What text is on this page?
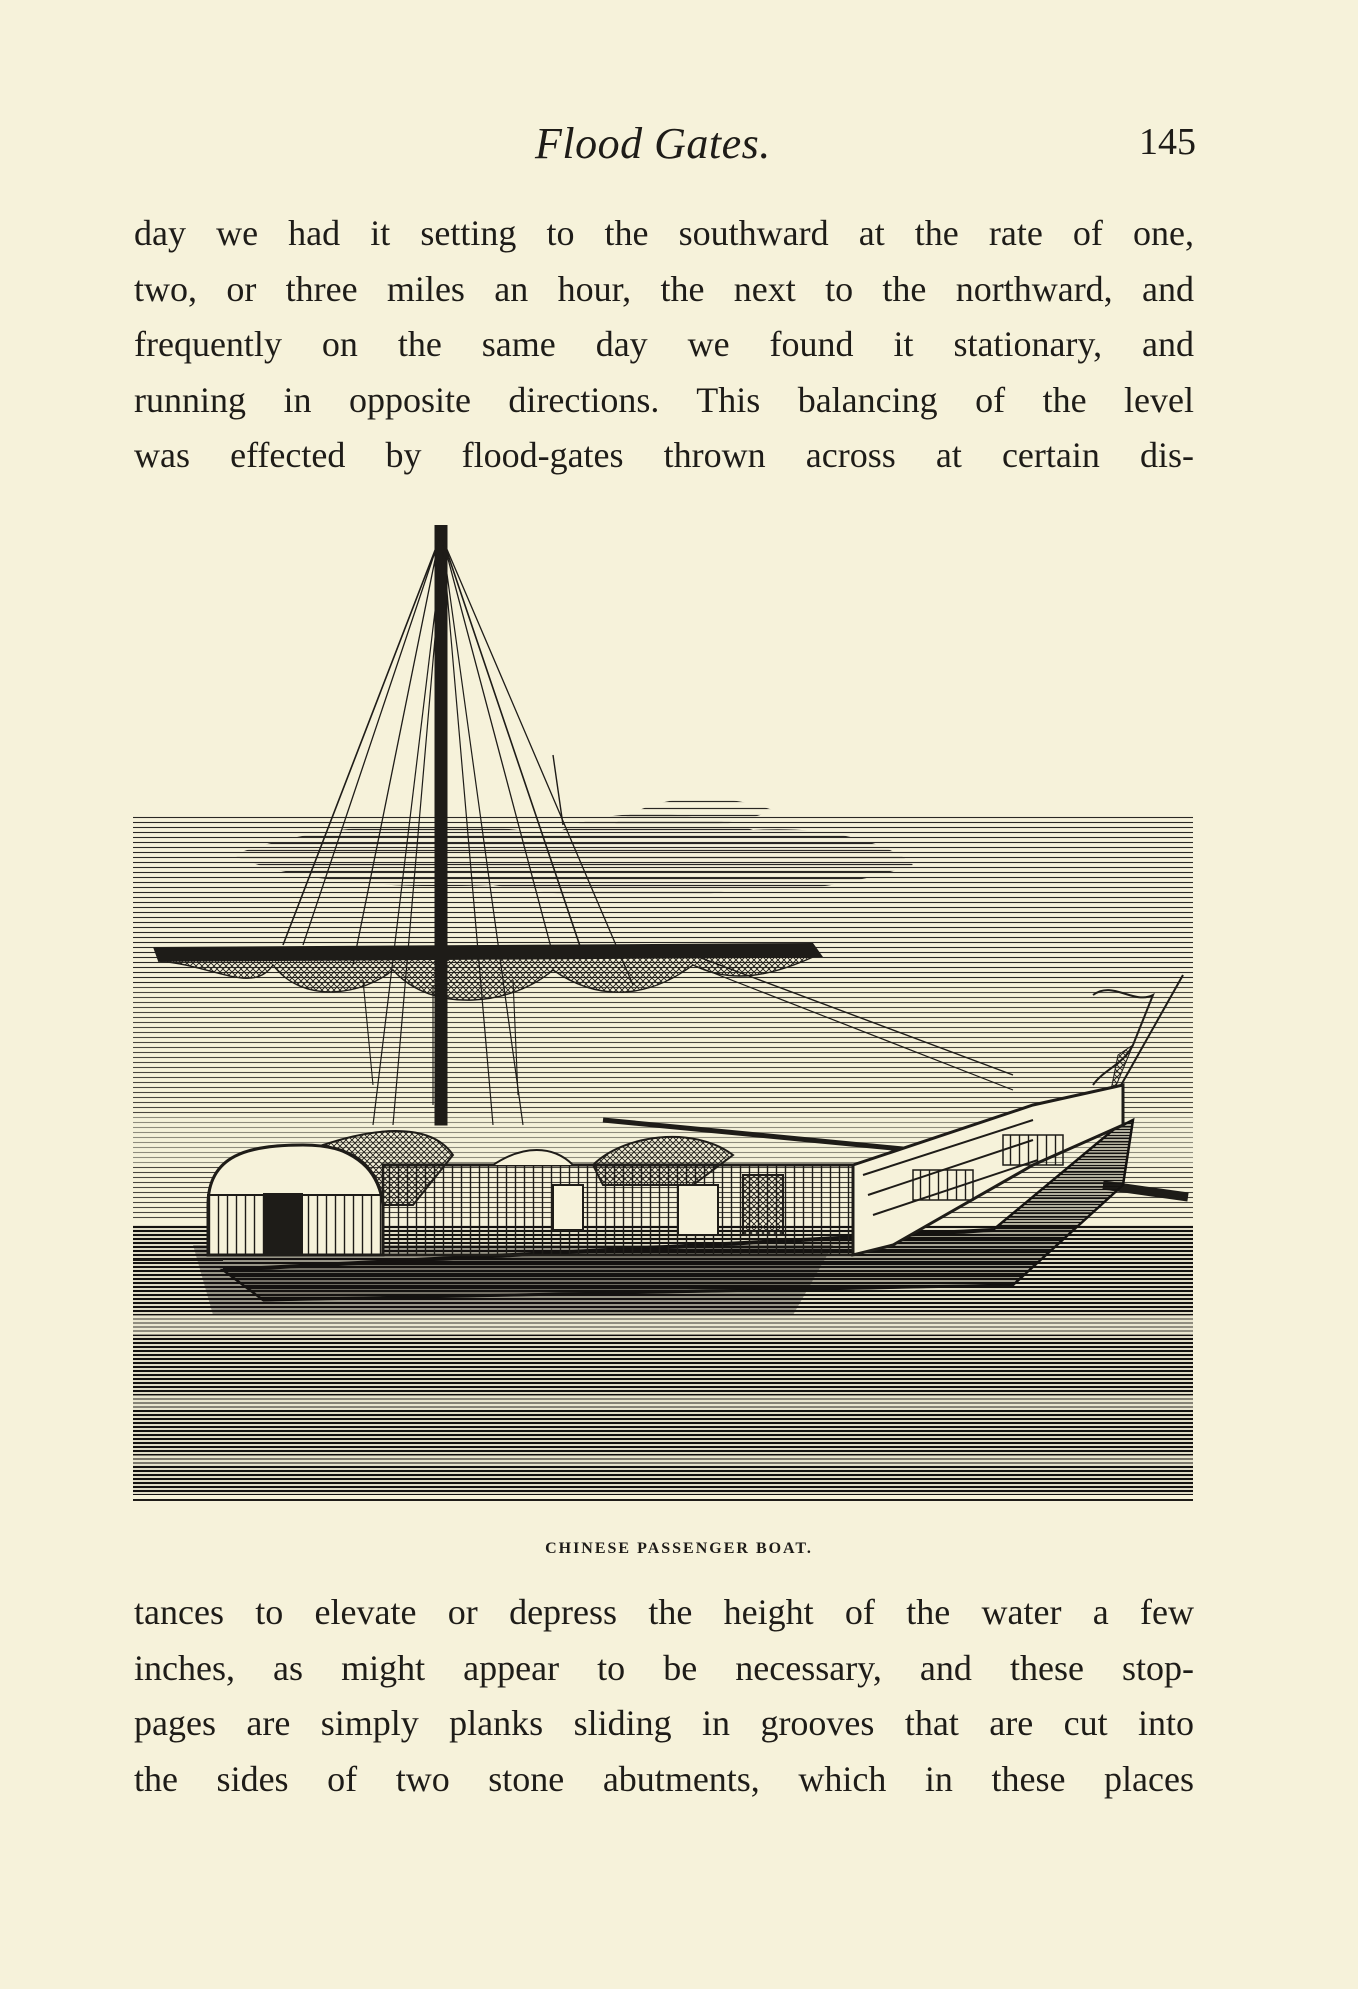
Flood Gates.	145
day we had it setting to the southward at the rate of one,
two, or three miles an hour, the next to the northward, and
frequently on the same day we found it stationary, and
running in opposite directions. This balancing of the level
was effected by flood-gates thrown across at certain dis-
CHINESE PASSENGER BOAT.
tances to elevate or depress the height of the water a few
inches, as might appear to be necessary, and these stop-
pages are simply planks sliding in grooves that are cut into
the sides of two stone abutments, which in these places
